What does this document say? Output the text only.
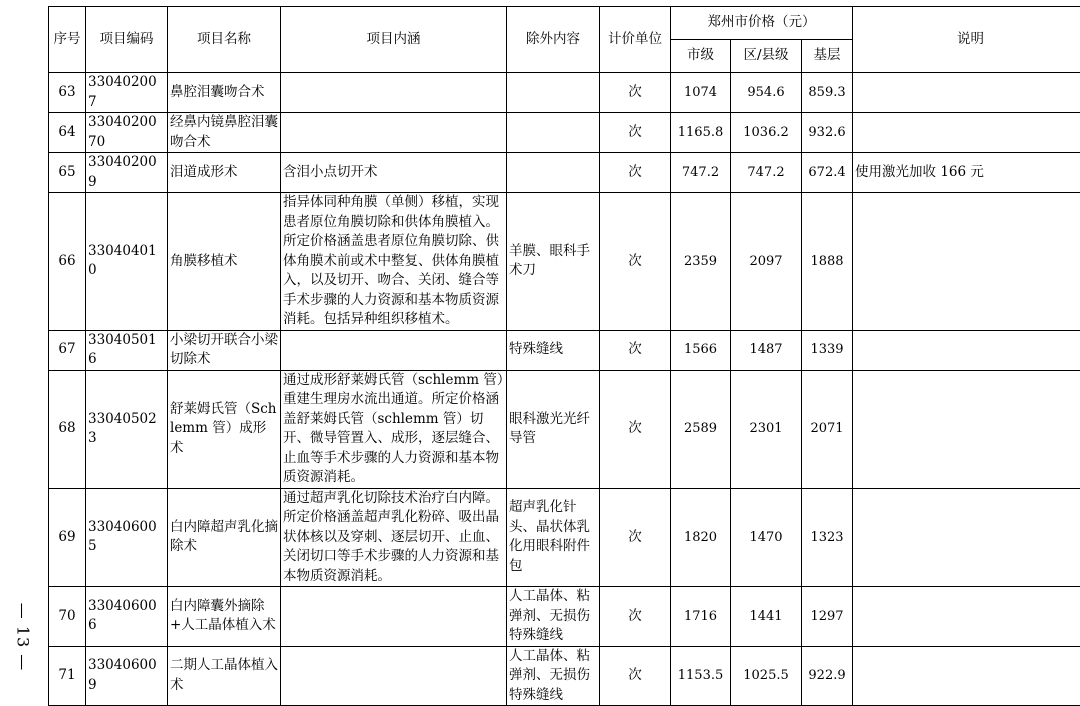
— 13 —
序号	项目编码	项目名称	项目内涵	除外内容	计价单位	郑州市价格（元）			说明
						市级	区/县级	基层	
63	330402007	鼻腔泪囊吻合术			次	1074	954.6	859.3	
64	3304020070	经鼻内镜鼻腔泪囊吻合术			次	1165.8	1036.2	932.6	
65	330402009	泪道成形术	含泪小点切开术		次	747.2	747.2	672.4	使用激光加收 166 元
66	330404010	角膜移植术	指异体同种角膜（单侧）移植，实现患者原位角膜切除和供体角膜植入。所定价格涵盖患者原位角膜切除、供体角膜术前或术中整复、供体角膜植入，以及切开、吻合、关闭、缝合等手术步骤的人力资源和基本物质资源消耗。包括异种组织移植术。	羊膜、眼科手术刀	次	2359	2097	1888	
67	330405016	小梁切开联合小梁切除术		特殊缝线	次	1566	1487	1339	
68	330405023	舒莱姆氏管（Schlemm 管）成形术	通过成形舒莱姆氏管（schlemm 管）重建生理房水流出通道。所定价格涵盖舒莱姆氏管（schlemm 管）切开、微导管置入、成形，逐层缝合、止血等手术步骤的人力资源和基本物质资源消耗。	眼科激光光纤导管	次	2589	2301	2071	
69	330406005	白内障超声乳化摘除术	通过超声乳化切除技术治疗白内障。所定价格涵盖超声乳化粉碎、吸出晶状体核以及穿刺、逐层切开、止血、关闭切口等手术步骤的人力资源和基本物质资源消耗。	超声乳化针头、晶状体乳化用眼科附件包	次	1820	1470	1323	
70	330406006	白内障囊外摘除+人工晶体植入术		人工晶体、粘弹剂、无损伤特殊缝线	次	1716	1441	1297	
71	330406009	二期人工晶体植入术		人工晶体、粘弹剂、无损伤特殊缝线	次	1153.5	1025.5	922.9	
